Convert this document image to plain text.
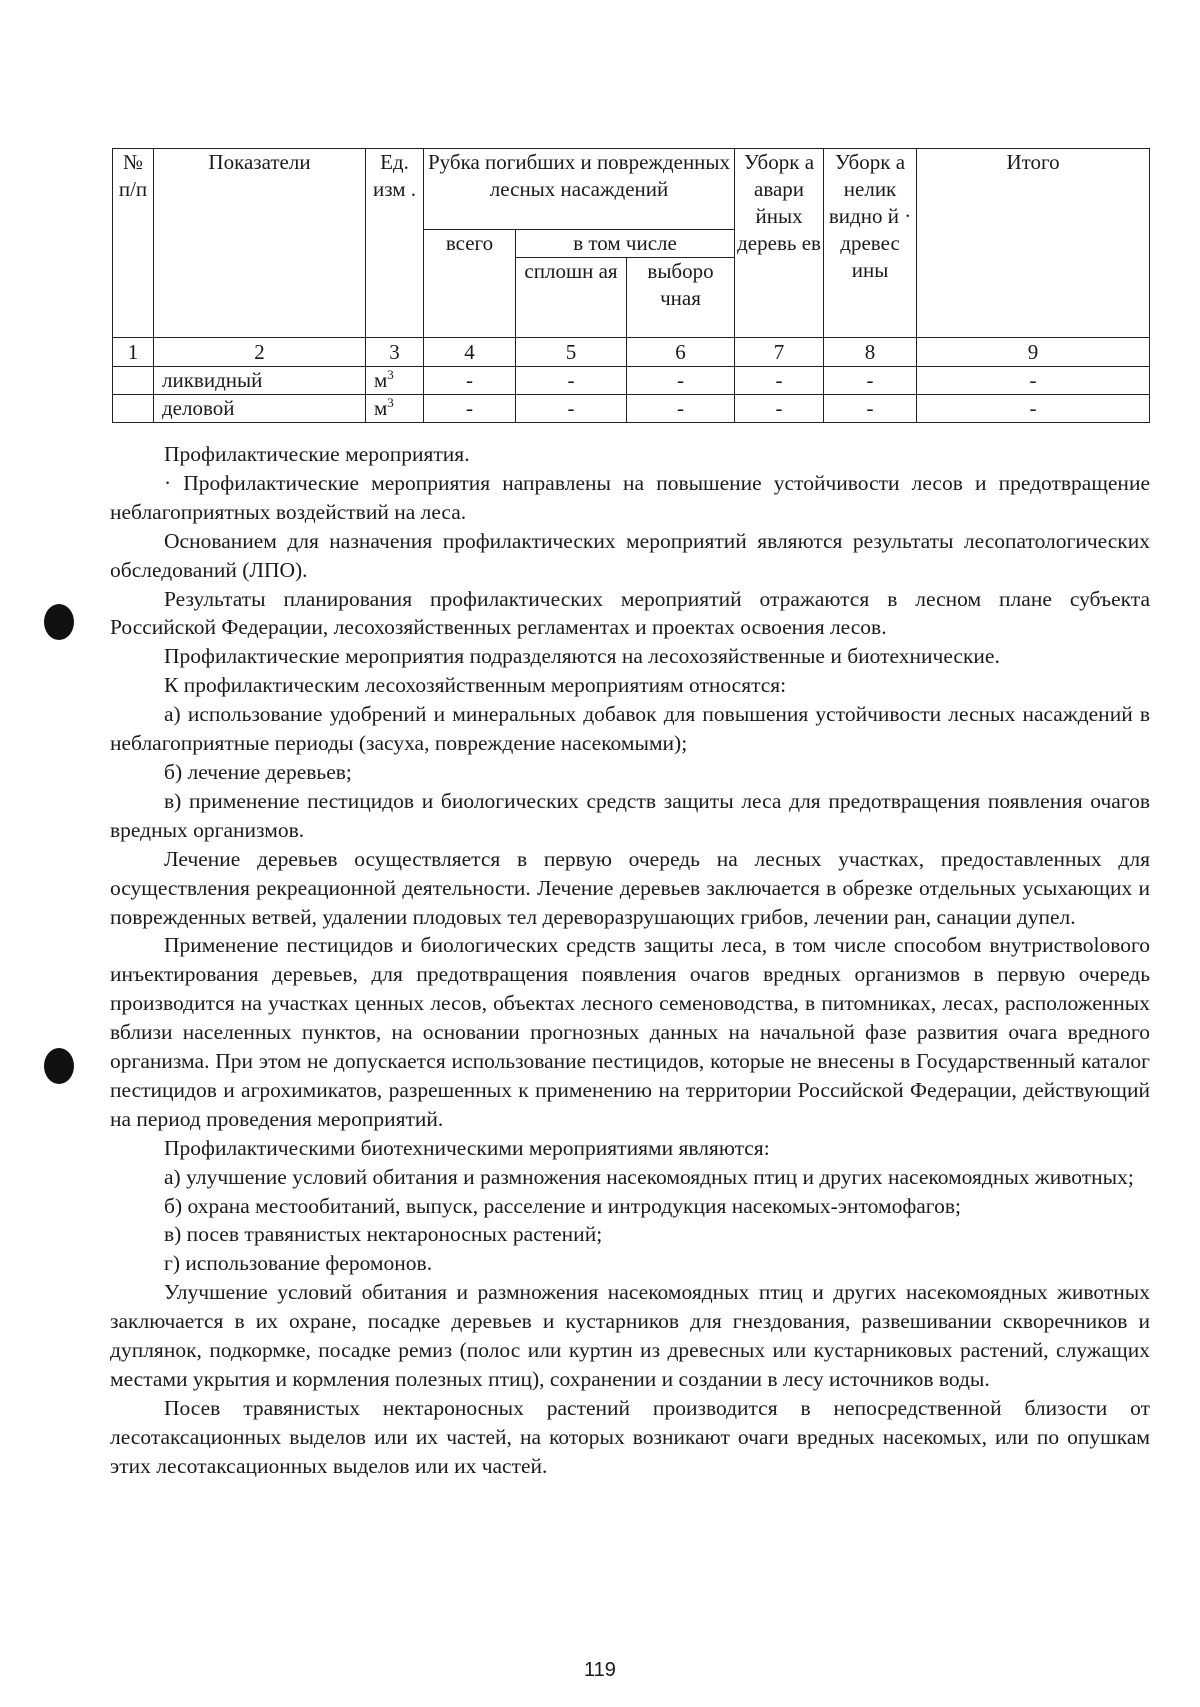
№ п/п	Показатели	Ед. изм .	Рубка погибших и поврежденных лесных насаждений			Уборк а авари йных деревь ев	Уборк а нелик видно й · древес ины	Итого
			всего	в том числе				
				сплошн ая	выборо чная			
1	2	3	4	5	6	7	8	9
	ликвидный	$м^3$	-	-	-	-	-	-
	деловой	$м^3$	-	-	-	-	-	-

Профилактические мероприятия.

· Профилактические мероприятия направлены на повышение устойчивости лесов и предотвращение неблагоприятных воздействий на леса.

Основанием для назначения профилактических мероприятий являются результаты лесопатологических обследований (ЛПО).

Результаты планирования профилактических мероприятий отражаются в лесном плане субъекта Российской Федерации, лесохозяйственных регламентах и проектах освоения лесов.

Профилактические мероприятия подразделяются на лесохозяйственные и биотехнические.

К профилактическим лесохозяйственным мероприятиям относятся:

а) использование удобрений и минеральных добавок для повышения устойчивости лесных насаждений в неблагоприятные периоды (засуха, повреждение насекомыми);

б) лечение деревьев;

в) применение пестицидов и биологических средств защиты леса для предотвращения появления очагов вредных организмов.

Лечение деревьев осуществляется в первую очередь на лесных участках, предоставленных для осуществления рекреационной деятельности. Лечение деревьев заключается в обрезке отдельных усыхающих и поврежденных ветвей, удалении плодовых тел дереворазрушающих грибов, лечении ран, санации дупел.

Применение пестицидов и биологических средств защиты леса, в том числе способом внутриствolового инъектирования деревьев, для предотвращения появления очагов вредных организмов в первую очередь производится на участках ценных лесов, объектах лесного семеноводства, в питомниках, лесах, расположенных вблизи населенных пунктов, на основании прогнозных данных на начальной фазе развития очага вредного организма. При этом не допускается использование пестицидов, которые не внесены в Государственный каталог пестицидов и агрохимикатов, разрешенных к применению на территории Российской Федерации, действующий на период проведения мероприятий.

Профилактическими биотехническими мероприятиями являются:

а) улучшение условий обитания и размножения насекомоядных птиц и других насекомоядных животных;

б) охрана местообитаний, выпуск, расселение и интродукция насекомых-энтомофагов;

в) посев травянистых нектароносных растений;

г) использование феромонов.

Улучшение условий обитания и размножения насекомоядных птиц и других насекомоядных животных заключается в их охране, посадке деревьев и кустарников для гнездования, развешивании скворечников и дуплянок, подкормке, посадке ремиз (полос или куртин из древесных или кустарниковых растений, служащих местами укрытия и кормления полезных птиц), сохранении и создании в лесу источников воды.

Посев травянистых нектароносных растений производится в непосредственной близости от лесотаксационных выделов или их частей, на которых возникают очаги вредных насекомых, или по опушкам этих лесотаксационных выделов или их частей.

119
